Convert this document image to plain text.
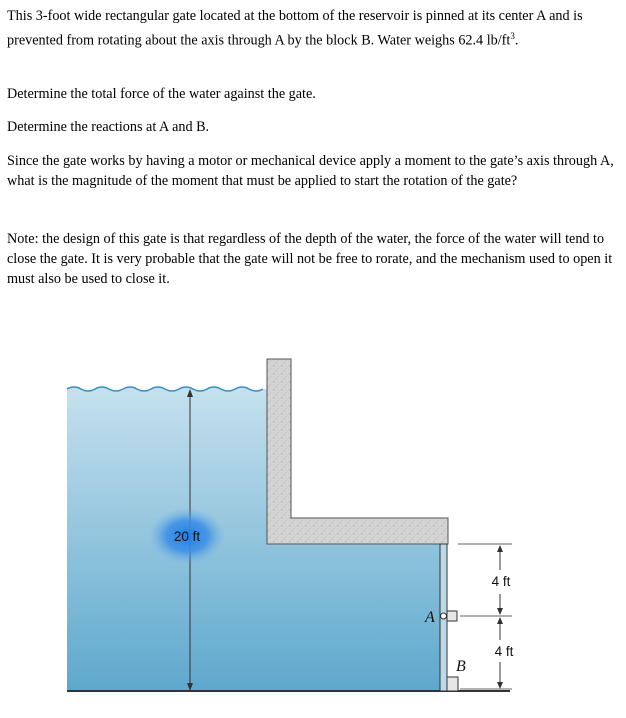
This 3-foot wide rectangular gate located at the bottom of the reservoir is pinned at its center A and is prevented from rotating about the axis through A by the block B. Water weighs 62.4 $lb/ft^3$.
Determine the total force of the water against the gate.
Determine the reactions at A and B.
Since the gate works by having a motor or mechanical device apply a moment to the gate’s axis through A, what is the magnitude of the moment that must be applied to start the rotation of the gate?
Note: the design of this gate is that regardless of the depth of the water, the force of the water will tend to close the gate. It is very probable that the gate will not be free to rorate, and the mechanism used to open it must also be used to close it.
20 ft
A
B
4 ft
4 ft
